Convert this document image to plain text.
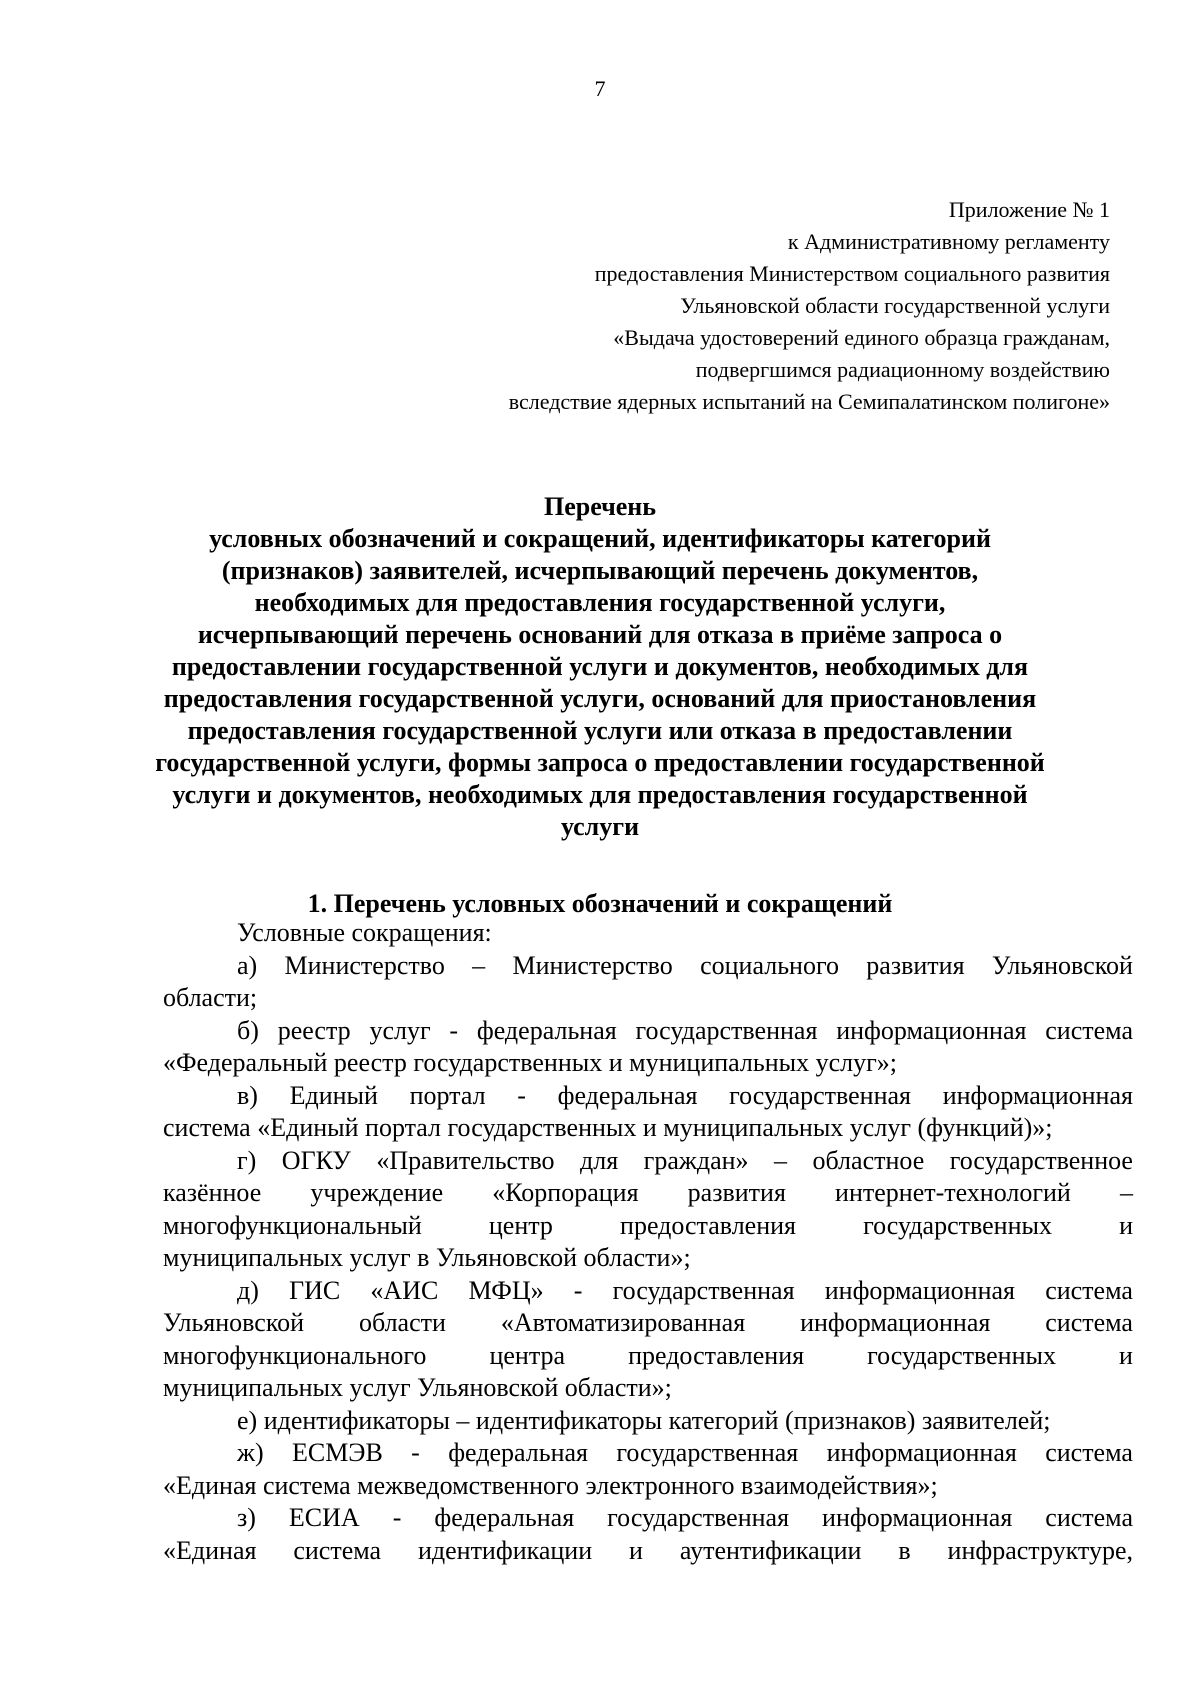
7
Приложение № 1
к Административному регламенту
предоставления Министерством социального развития
Ульяновской области государственной услуги
«Выдача удостоверений единого образца гражданам,
подвергшимся радиационному воздействию
вследствие ядерных испытаний на Семипалатинском полигоне»
Перечень
условных обозначений и сокращений, идентификаторы категорий
(признаков) заявителей, исчерпывающий перечень документов,
необходимых для предоставления государственной услуги,
исчерпывающий перечень оснований для отказа в приёме запроса о
предоставлении государственной услуги и документов, необходимых для
предоставления государственной услуги, оснований для приостановления
предоставления государственной услуги или отказа в предоставлении
государственной услуги, формы запроса о предоставлении государственной
услуги и документов, необходимых для предоставления государственной
услуги
1. Перечень условных обозначений и сокращений
Условные сокращения:
а) Министерство – Министерство социального развития Ульяновской
области;
б) реестр услуг - федеральная государственная информационная система
«Федеральный реестр государственных и муниципальных услуг»;
в) Единый портал - федеральная государственная информационная
система «Единый портал государственных и муниципальных услуг (функций)»;
г) ОГКУ «Правительство для граждан» – областное государственное
казённое учреждение «Корпорация развития интернет-технологий –
многофункциональный	центр	предоставления	государственных	и
муниципальных услуг в Ульяновской области»;
д) ГИС «АИС МФЦ» - государственная информационная система
Ульяновской области «Автоматизированная информационная система
многофункционального центра предоставления государственных и
муниципальных услуг Ульяновской области»;
е) идентификаторы – идентификаторы категорий (признаков) заявителей;
ж) ЕСМЭВ - федеральная государственная информационная система
«Единая система межведомственного электронного взаимодействия»;
з) ЕСИА - федеральная государственная информационная система
«Единая система идентификации и аутентификации в инфраструктуре,
